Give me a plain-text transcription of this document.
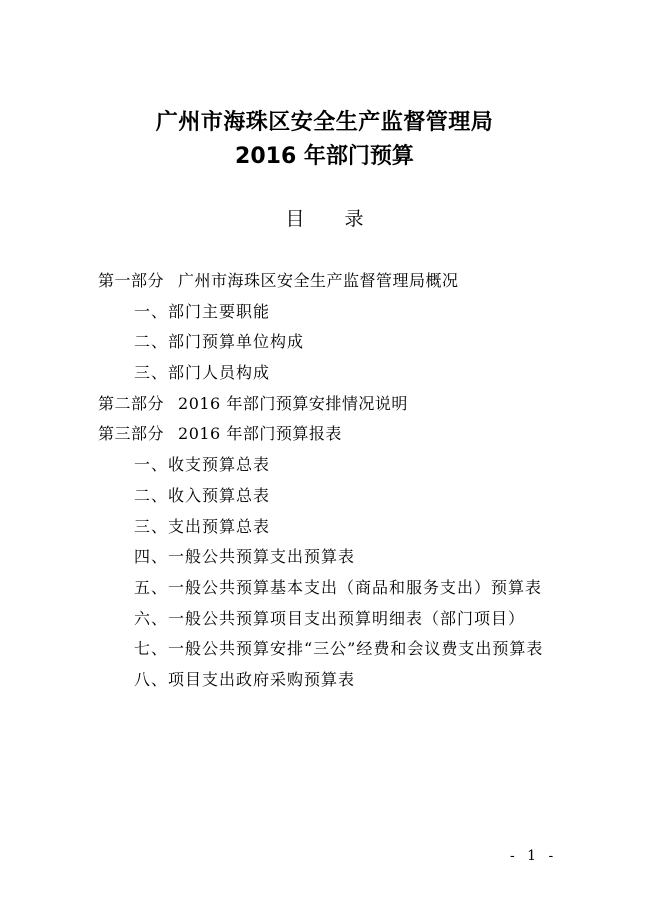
广州市海珠区安全生产监督管理局
2016 年部门预算
目录
第一部分 广州市海珠区安全生产监督管理局概况
一、部门主要职能
二、部门预算单位构成
三、部门人员构成
第二部分 2016 年部门预算安排情况说明
第三部分 2016 年部门预算报表
一、收支预算总表
二、收入预算总表
三、支出预算总表
四、一般公共预算支出预算表
五、一般公共预算基本支出（商品和服务支出）预算表
六、一般公共预算项目支出预算明细表（部门项目）
七、一般公共预算安排“三公”经费和会议费支出预算表
八、项目支出政府采购预算表
- 1 -
